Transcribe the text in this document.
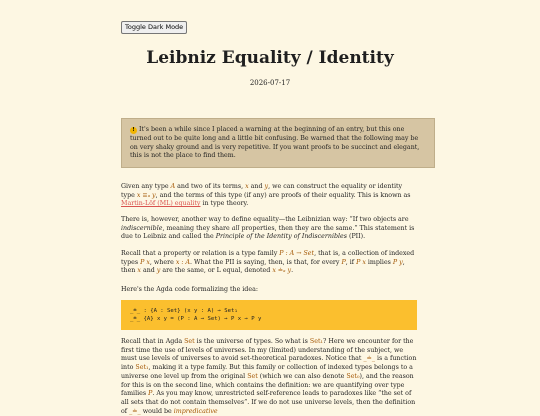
Toggle Dark Mode
Leibniz Equality / Identity
2026-07-17
! It's been a while since I placed a warning at the beginning of an entry, but this one turned out to be quite long and a little bit confusing. Be warned that the following may be on very shaky ground and is very repetitive. If you want proofs to be succinct and elegant, this is not the place to find them.

Given any type A and two of its terms, x and y, we can construct the equality or identity type x ≡ₐ y, and the terms of this type (if any) are proofs of their equality. This is known as Martin-Löf (ML) equality in type theory.

There is, however, another way to define equality—the Leibnizian way: “If two objects are indiscernible, meaning they share all properties, then they are the same.” This statement is due to Leibniz and called the Principle of the Identity of Indiscernibles (PII).

Recall that a property or relation is a type family P : A → Set, that is, a collection of indexed types P x, where x : A. What the PII is saying, then, is that, for every P, if P x implies P y, then x and y are the same, or L equal, denoted x ≐ₐ y.

Here's the Agda code formalizing the idea:

_≐_ : {A : Set} (x y : A) → Set₁
_≐_ {A} x y = (P : A → Set) → P x → P y

Recall that in Agda Set is the universe of types. So what is Set₁? Here we encounter for the first time the use of levels of universes. In my (limited) understanding of the subject, we must use levels of universes to avoid set-theoretical paradoxes. Notice that _≐_ is a function into Set₁, making it a type family. But this family or collection of indexed types belongs to a universe one level up from the original Set (which we can also denote Set₀), and the reason for this is on the second line, which contains the definition: we are quantifying over type families P. As you may know, unrestricted self-reference leads to paradoxes like “the set of all sets that do not contain themselves”. If we do not use universe levels, then the definition of _≐_ would be impredicative
